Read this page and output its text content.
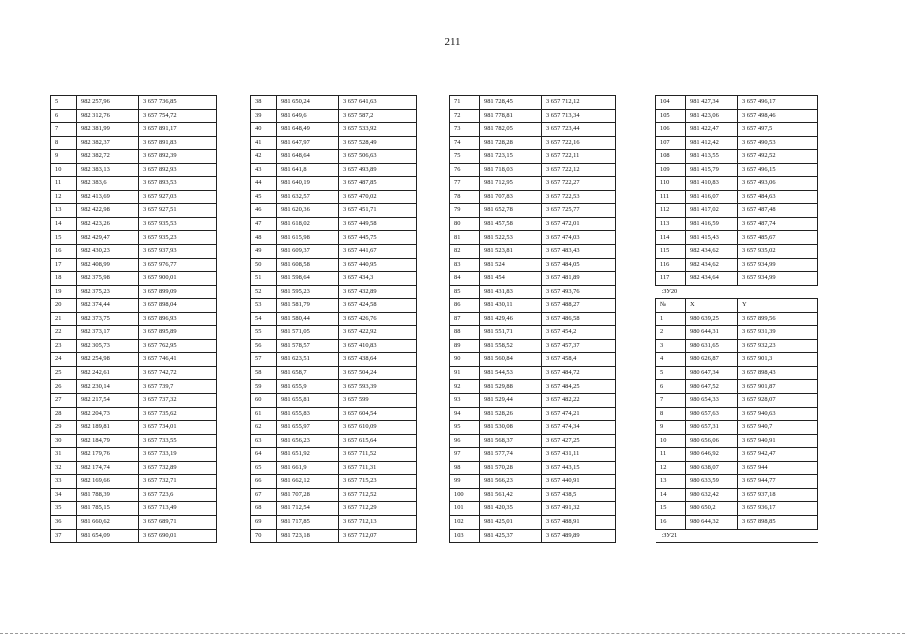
211
5	982 257,96	3 657 736,85
6	982 312,76	3 657 754,72
7	982 381,99	3 657 891,17
8	982 382,37	3 657 891,83
9	982 382,72	3 657 892,39
10	982 383,13	3 657 892,93
11	982 383,6	3 657 893,53
12	982 413,69	3 657 927,03
13	982 422,98	3 657 927,51
14	982 423,26	3 657 935,53
15	982 429,47	3 657 935,23
16	982 430,23	3 657 937,93
17	982 408,99	3 657 976,77
18	982 375,98	3 657 900,01
19	982 375,23	3 657 899,09
20	982 374,44	3 657 898,04
21	982 373,75	3 657 896,93
22	982 373,17	3 657 895,89
23	982 305,73	3 657 762,95
24	982 254,98	3 657 746,41
25	982 242,61	3 657 742,72
26	982 230,14	3 657 739,7
27	982 217,54	3 657 737,32
28	982 204,73	3 657 735,62
29	982 189,81	3 657 734,01
30	982 184,79	3 657 733,55
31	982 179,76	3 657 733,19
32	982 174,74	3 657 732,89
33	982 169,66	3 657 732,71
34	981 788,39	3 657 723,6
35	981 785,15	3 657 713,49
36	981 660,62	3 657 689,71
37	981 654,09	3 657 690,01
38	981 650,24	3 657 641,63
39	981 649,6	3 657 587,2
40	981 648,49	3 657 533,92
41	981 647,97	3 657 528,49
42	981 648,64	3 657 506,63
43	981 641,8	3 657 493,89
44	981 640,19	3 657 487,85
45	981 632,57	3 657 470,02
46	981 620,36	3 657 451,71
47	981 618,02	3 657 449,58
48	981 615,98	3 657 445,75
49	981 609,37	3 657 441,67
50	981 608,58	3 657 440,95
51	981 598,64	3 657 434,3
52	981 595,23	3 657 432,89
53	981 581,79	3 657 424,58
54	981 580,44	3 657 426,76
55	981 571,05	3 657 422,92
56	981 578,57	3 657 410,83
57	981 623,51	3 657 438,64
58	981 658,7	3 657 504,24
59	981 655,9	3 657 593,39
60	981 655,81	3 657 599
61	981 655,83	3 657 604,54
62	981 655,97	3 657 610,09
63	981 656,23	3 657 615,64
64	981 651,92	3 657 711,52
65	981 661,9	3 657 711,31
66	981 662,12	3 657 715,23
67	981 707,28	3 657 712,52
68	981 712,54	3 657 712,29
69	981 717,85	3 657 712,13
70	981 723,18	3 657 712,07
71	981 728,45	3 657 712,12
72	981 778,81	3 657 713,34
73	981 782,05	3 657 723,44
74	981 728,28	3 657 722,16
75	981 723,15	3 657 722,11
76	981 718,03	3 657 722,12
77	981 712,95	3 657 722,27
78	981 707,83	3 657 722,53
79	981 652,78	3 657 725,77
80	981 457,58	3 657 472,01
81	981 522,53	3 657 474,03
82	981 523,81	3 657 483,43
83	981 524	3 657 484,05
84	981 454	3 657 481,89
85	981 431,83	3 657 493,76
86	981 430,11	3 657 488,27
87	981 429,46	3 657 486,58
88	981 551,71	3 657 454,2
89	981 558,52	3 657 457,37
90	981 560,84	3 657 458,4
91	981 544,53	3 657 484,72
92	981 529,88	3 657 484,25
93	981 529,44	3 657 482,22
94	981 528,26	3 657 474,21
95	981 530,08	3 657 474,34
96	981 568,37	3 657 427,25
97	981 577,74	3 657 431,11
98	981 570,28	3 657 443,15
99	981 566,23	3 657 440,91
100	981 561,42	3 657 438,5
101	981 420,35	3 657 491,32
102	981 425,01	3 657 488,91
103	981 425,37	3 657 489,89
104	981 427,34	3 657 496,17
105	981 423,06	3 657 498,46
106	981 422,47	3 657 497,5
107	981 412,42	3 657 490,53
108	981 413,55	3 657 492,52
109	981 415,79	3 657 496,15
110	981 410,83	3 657 493,06
111	981 416,07	3 657 484,63
112	981 417,02	3 657 487,48
113	981 416,59	3 657 487,74
114	981 415,43	3 657 485,67
115	982 434,62	3 657 935,02
116	982 434,62	3 657 934,99
117	982 434,64	3 657 934,99
:ЗУ20		
№	X	Y
1	980 639,25	3 657 899,56
2	980 644,31	3 657 931,39
3	980 631,65	3 657 932,23
4	980 626,87	3 657 901,3
5	980 647,34	3 657 898,43
6	980 647,52	3 657 901,87
7	980 654,33	3 657 928,07
8	980 657,63	3 657 940,63
9	980 657,31	3 657 940,7
10	980 656,06	3 657 940,91
11	980 646,92	3 657 942,47
12	980 638,07	3 657 944
13	980 633,59	3 657 944,77
14	980 632,42	3 657 937,18
15	980 650,2	3 657 936,17
16	980 644,32	3 657 898,85
:ЗУ21		
